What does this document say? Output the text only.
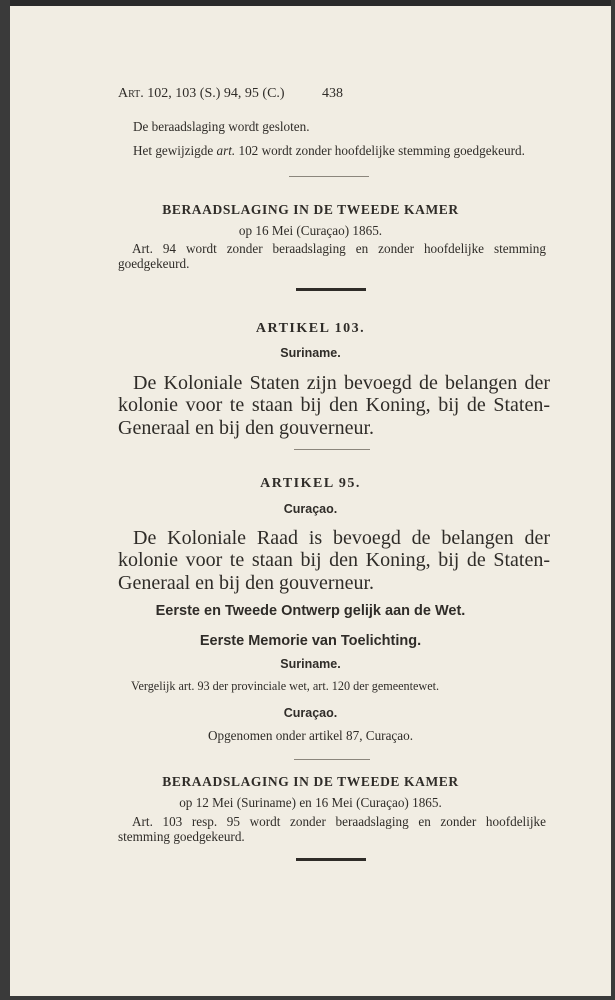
Art. 102, 103 (S.) 94, 95 (C.)	438
De beraadslaging wordt gesloten.
Het gewijzigde art. 102 wordt zonder hoofdelijke stemming goedgekeurd.
BERAADSLAGING IN DE TWEEDE KAMER
op 16 Mei (Curaçao) 1865.
Art. 94 wordt zonder beraadslaging en zonder hoofdelijke stemming
goedgekeurd.
ARTIKEL 103.
Suriname.
De Koloniale Staten zijn bevoegd de belangen der
kolonie voor te staan bij den Koning, bij de Staten-
Generaal en bij den gouverneur.
ARTIKEL 95.
Curaçao.
De Koloniale Raad is bevoegd de belangen der
kolonie voor te staan bij den Koning, bij de Staten-
Generaal en bij den gouverneur.
Eerste en Tweede Ontwerp gelijk aan de Wet.
Eerste Memorie van Toelichting.
Suriname.
Vergelijk art. 93 der provinciale wet, art. 120 der gemeentewet.
Curaçao.
Opgenomen onder artikel 87, Curaçao.
BERAADSLAGING IN DE TWEEDE KAMER
op 12 Mei (Suriname) en 16 Mei (Curaçao) 1865.
Art. 103 resp. 95 wordt zonder beraadslaging en zonder hoofdelijke
stemming goedgekeurd.
